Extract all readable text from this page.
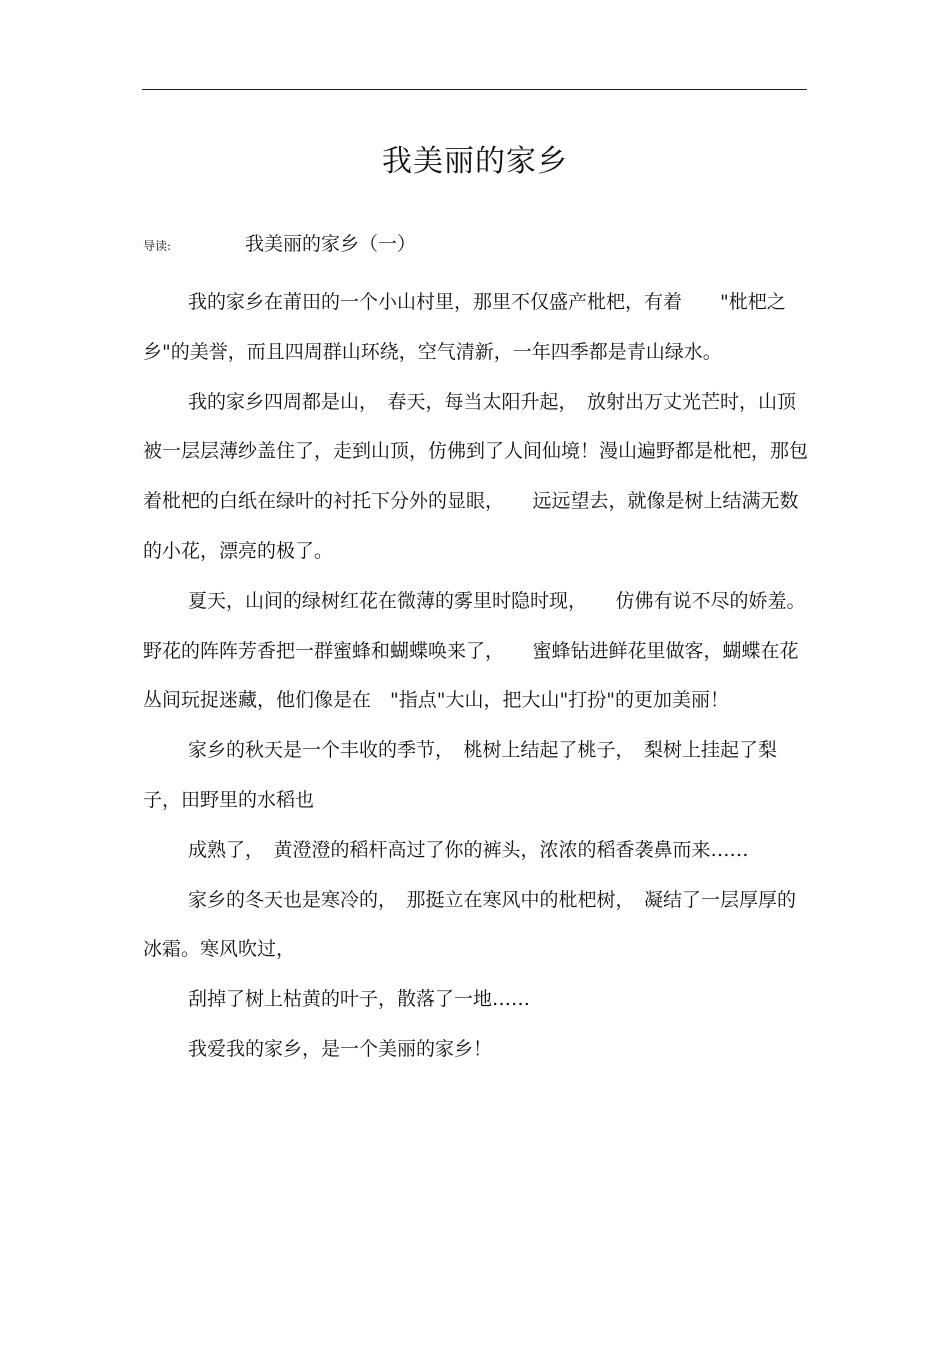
我美丽的家乡
导读:	我美丽的家乡（一）

我的家乡在莆田的一个小山村里，那里不仅盛产枇杷，有着　　"枇杷之乡"的美誉，而且四周群山环绕，空气清新，一年四季都是青山绿水。

我的家乡四周都是山，　春天，每当太阳升起，　放射出万丈光芒时，山顶被一层层薄纱盖住了，走到山顶，仿佛到了人间仙境！漫山遍野都是枇杷，那包着枇杷的白纸在绿叶的衬托下分外的显眼，　　远远望去，就像是树上结满无数的小花，漂亮的极了。

夏天，山间的绿树红花在微薄的雾里时隐时现，　　仿佛有说不尽的娇羞。野花的阵阵芳香把一群蜜蜂和蝴蝶唤来了，　　蜜蜂钻进鲜花里做客，蝴蝶在花丛间玩捉迷藏，他们像是在　"指点"大山，把大山"打扮"的更加美丽！

家乡的秋天是一个丰收的季节，　桃树上结起了桃子，　梨树上挂起了梨子，田野里的水稻也

成熟了，　黄澄澄的稻杆高过了你的裤头，浓浓的稻香袭鼻而来……

家乡的冬天也是寒冷的，　那挺立在寒风中的枇杷树，　凝结了一层厚厚的冰霜。寒风吹过，

刮掉了树上枯黄的叶子，散落了一地……

我爱我的家乡，是一个美丽的家乡！
